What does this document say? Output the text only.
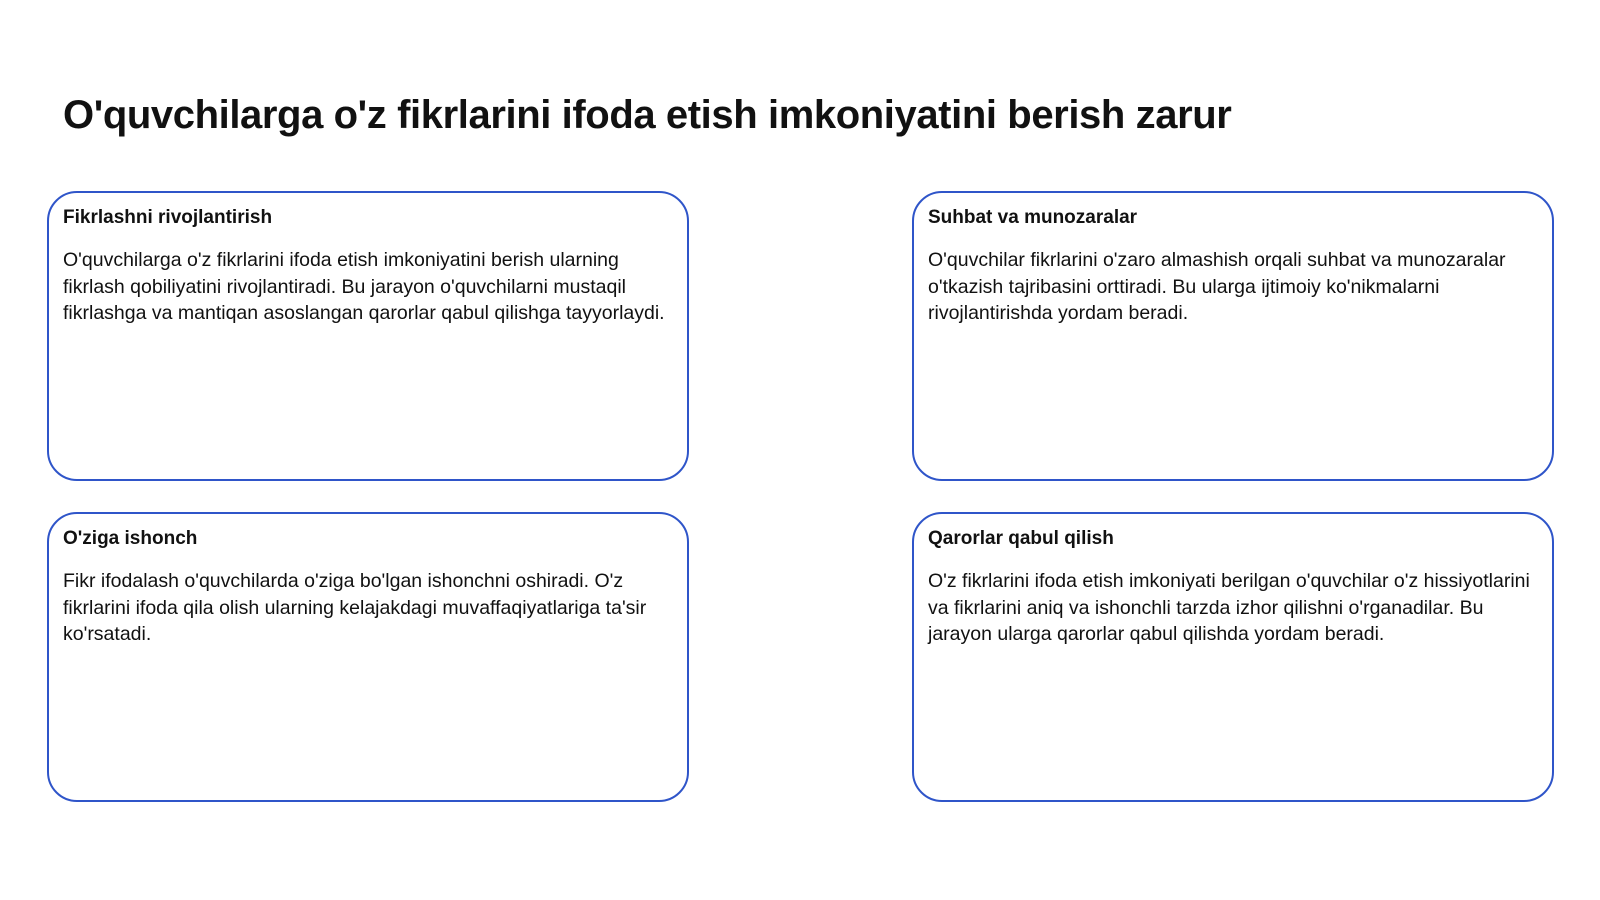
O'quvchilarga o'z fikrlarini ifoda etish imkoniyatini berish zarur
Fikrlashni rivojlantirish

O'quvchilarga o'z fikrlarini ifoda etish imkoniyatini berish ularning fikrlash qobiliyatini rivojlantiradi. Bu jarayon o'quvchilarni mustaqil fikrlashga va mantiqan asoslangan qarorlar qabul qilishga tayyorlaydi.

Suhbat va munozaralar

O'quvchilar fikrlarini o'zaro almashish orqali suhbat va munozaralar o'tkazish tajribasini orttiradi. Bu ularga ijtimoiy ko'nikmalarni rivojlantirishda yordam beradi.

O'ziga ishonch

Fikr ifodalash o'quvchilarda o'ziga bo'lgan ishonchni oshiradi. O'z fikrlarini ifoda qila olish ularning kelajakdagi muvaffaqiyatlariga ta'sir ko'rsatadi.

Qarorlar qabul qilish

O'z fikrlarini ifoda etish imkoniyati berilgan o'quvchilar o'z hissiyotlarini va fikrlarini aniq va ishonchli tarzda izhor qilishni o'rganadilar. Bu jarayon ularga qarorlar qabul qilishda yordam beradi.
